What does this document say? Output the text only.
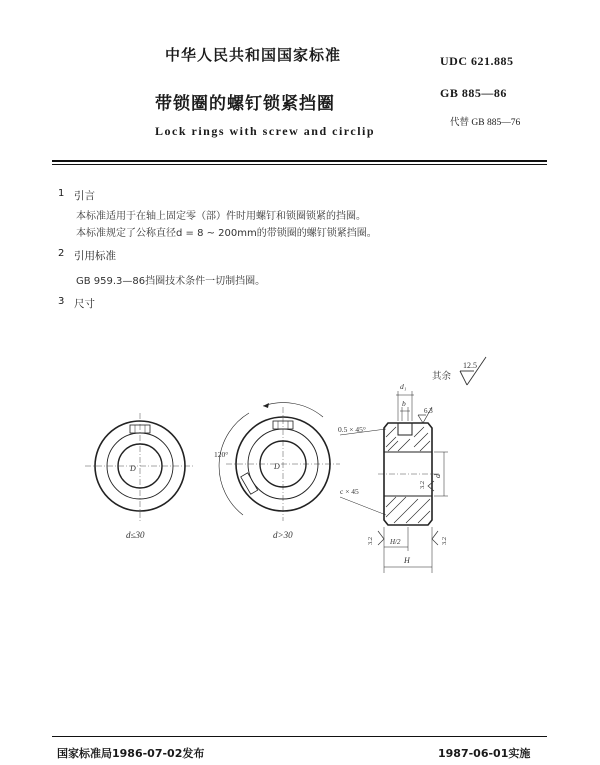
中华人民共和国国家标准	UDC 621.885
带锁圈的螺钉锁紧挡圈
GB 885—86
代替 GB 885—76
Lock rings with screw and circlip
1 引言
本标准适用于在轴上固定零（部）件时用螺钉和锁圈锁紧的挡圈。
本标准规定了公称直径d = 8 ~ 200mm的带锁圈的螺钉锁紧挡圈。
2 引用标准
GB 959.3—86挡圈技术条件一切制挡圈。
3 尺寸
其余
12.5
D
d≤30
120°
D
d>30
0.5 × 45°
c × 45
d₁
b
d
H
H/2
6.3
3.2
3.2	3.2
国家标准局1986-07-02发布	1987-06-01实施
